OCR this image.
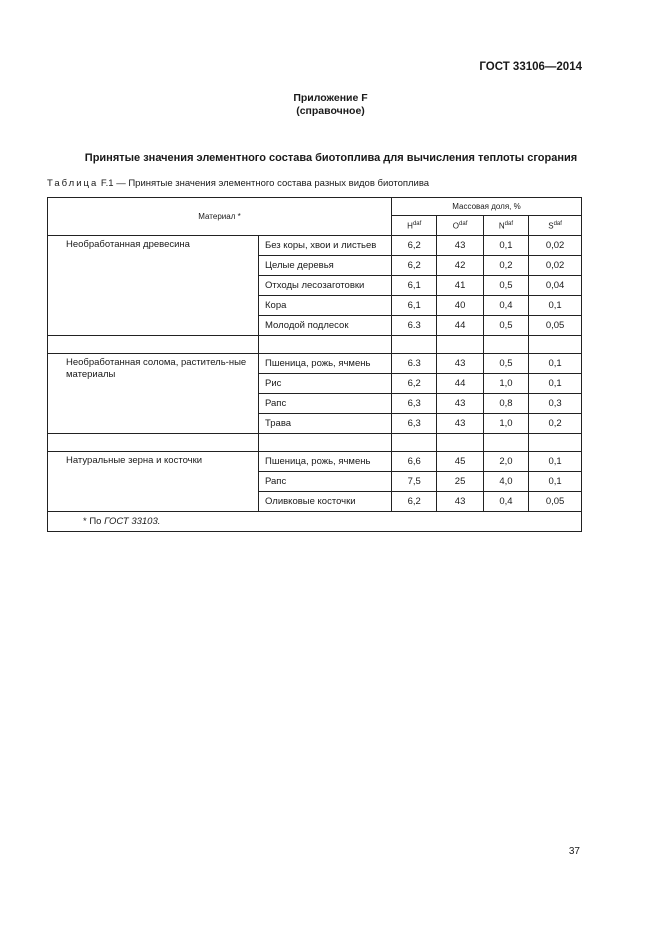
ГОСТ 33106—2014
Приложение F
(справочное)
Принятые значения элементного состава биотоплива для вычисления теплоты сгорания
Таблица F.1 — Принятые значения элементного состава разных видов биотоплива
Материал *		Массовая доля, %			
		$H^{daf}$	$O^{daf}$	$N^{daf}$	$S^{daf}$
Необработанная древесина	Без коры, хвои и листьев	6,2	43	0,1	0,02
	Целые деревья	6,2	42	0,2	0,02
	Отходы лесозаготовки	6,1	41	0,5	0,04
	Кора	6,1	40	0,4	0,1
	Молодой подлесок	6.3	44	0,5	0,05

Необработанная солома, раститель-ные материалы	Пшеница, рожь, ячмень	6.3	43	0,5	0,1
	Рис	6,2	44	1,0	0,1
	Рапс	6,3	43	0,8	0,3
	Трава	6,3	43	1,0	0,2

Натуральные зерна и косточки	Пшеница, рожь, ячмень	6,6	45	2,0	0,1
	Рапс	7,5	25	4,0	0,1
	Оливковые косточки	6,2	43	0,4	0,05
* По ГОСТ 33103.					
37
